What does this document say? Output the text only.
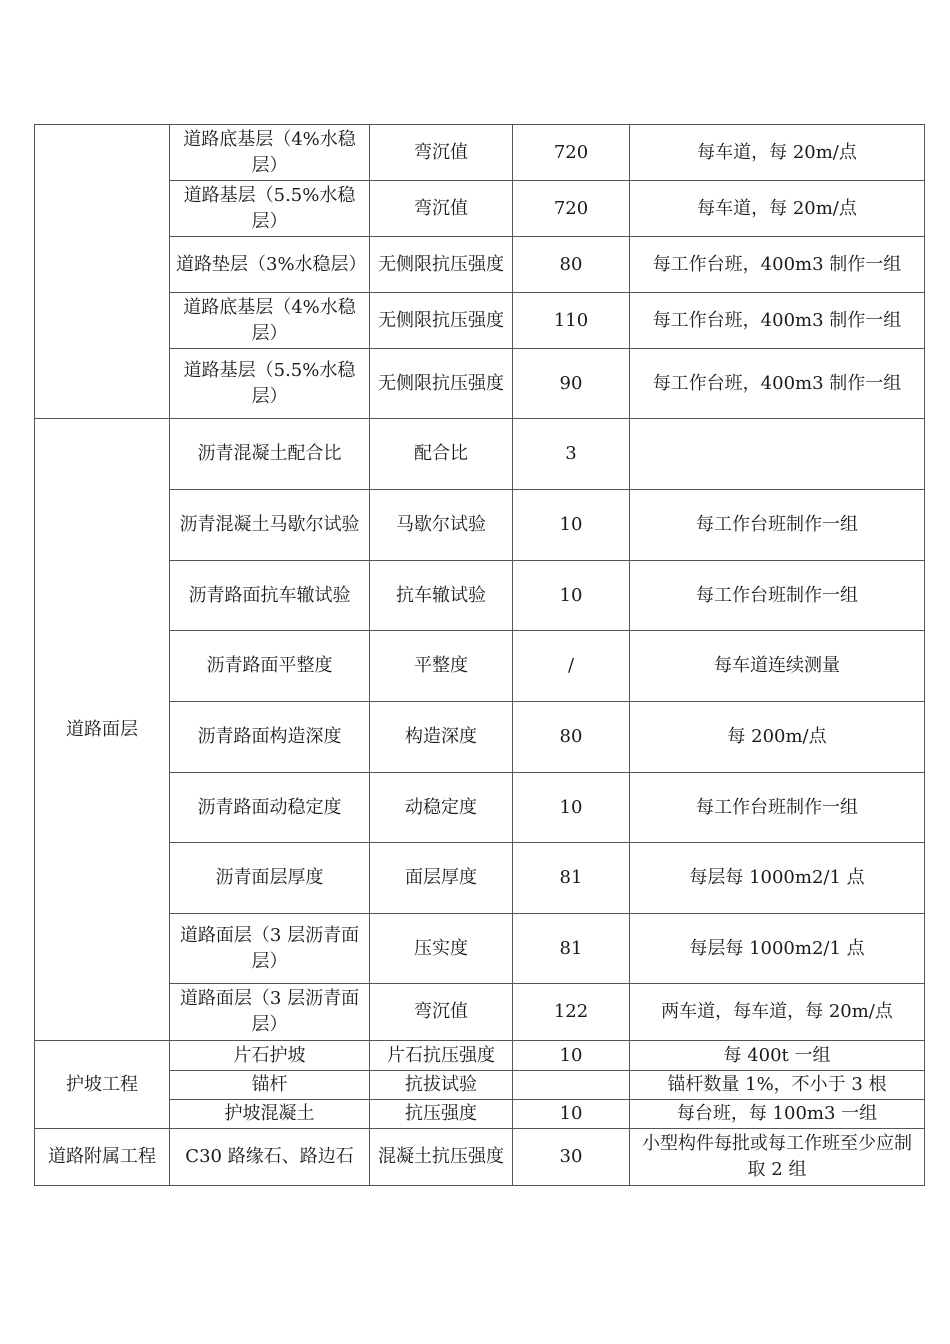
	道路底基层（4%水稳层）	弯沉值	720	每车道，每 20m/点
	道路基层（5.5%水稳层）	弯沉值	720	每车道，每 20m/点
	道路垫层（3%水稳层）	无侧限抗压强度	80	每工作台班，400m3 制作一组
	道路底基层（4%水稳层）	无侧限抗压强度	110	每工作台班，400m3 制作一组
	道路基层（5.5%水稳层）	无侧限抗压强度	90	每工作台班，400m3 制作一组
道路面层	沥青混凝土配合比	配合比	3	
	沥青混凝土马歇尔试验	马歇尔试验	10	每工作台班制作一组
	沥青路面抗车辙试验	抗车辙试验	10	每工作台班制作一组
	沥青路面平整度	平整度	/	每车道连续测量
	沥青路面构造深度	构造深度	80	每 200m/点
	沥青路面动稳定度	动稳定度	10	每工作台班制作一组
	沥青面层厚度	面层厚度	81	每层每 1000m2/1 点
	道路面层（3 层沥青面层）	压实度	81	每层每 1000m2/1 点
	道路面层（3 层沥青面层）	弯沉值	122	两车道，每车道，每 20m/点
护坡工程	片石护坡	片石抗压强度	10	每 400t 一组
	锚杆	抗拔试验		锚杆数量 1%，不小于 3 根
	护坡混凝土	抗压强度	10	每台班，每 100m3 一组
道路附属工程	C30 路缘石、路边石	混凝土抗压强度	30	小型构件每批或每工作班至少应制取 2 组
